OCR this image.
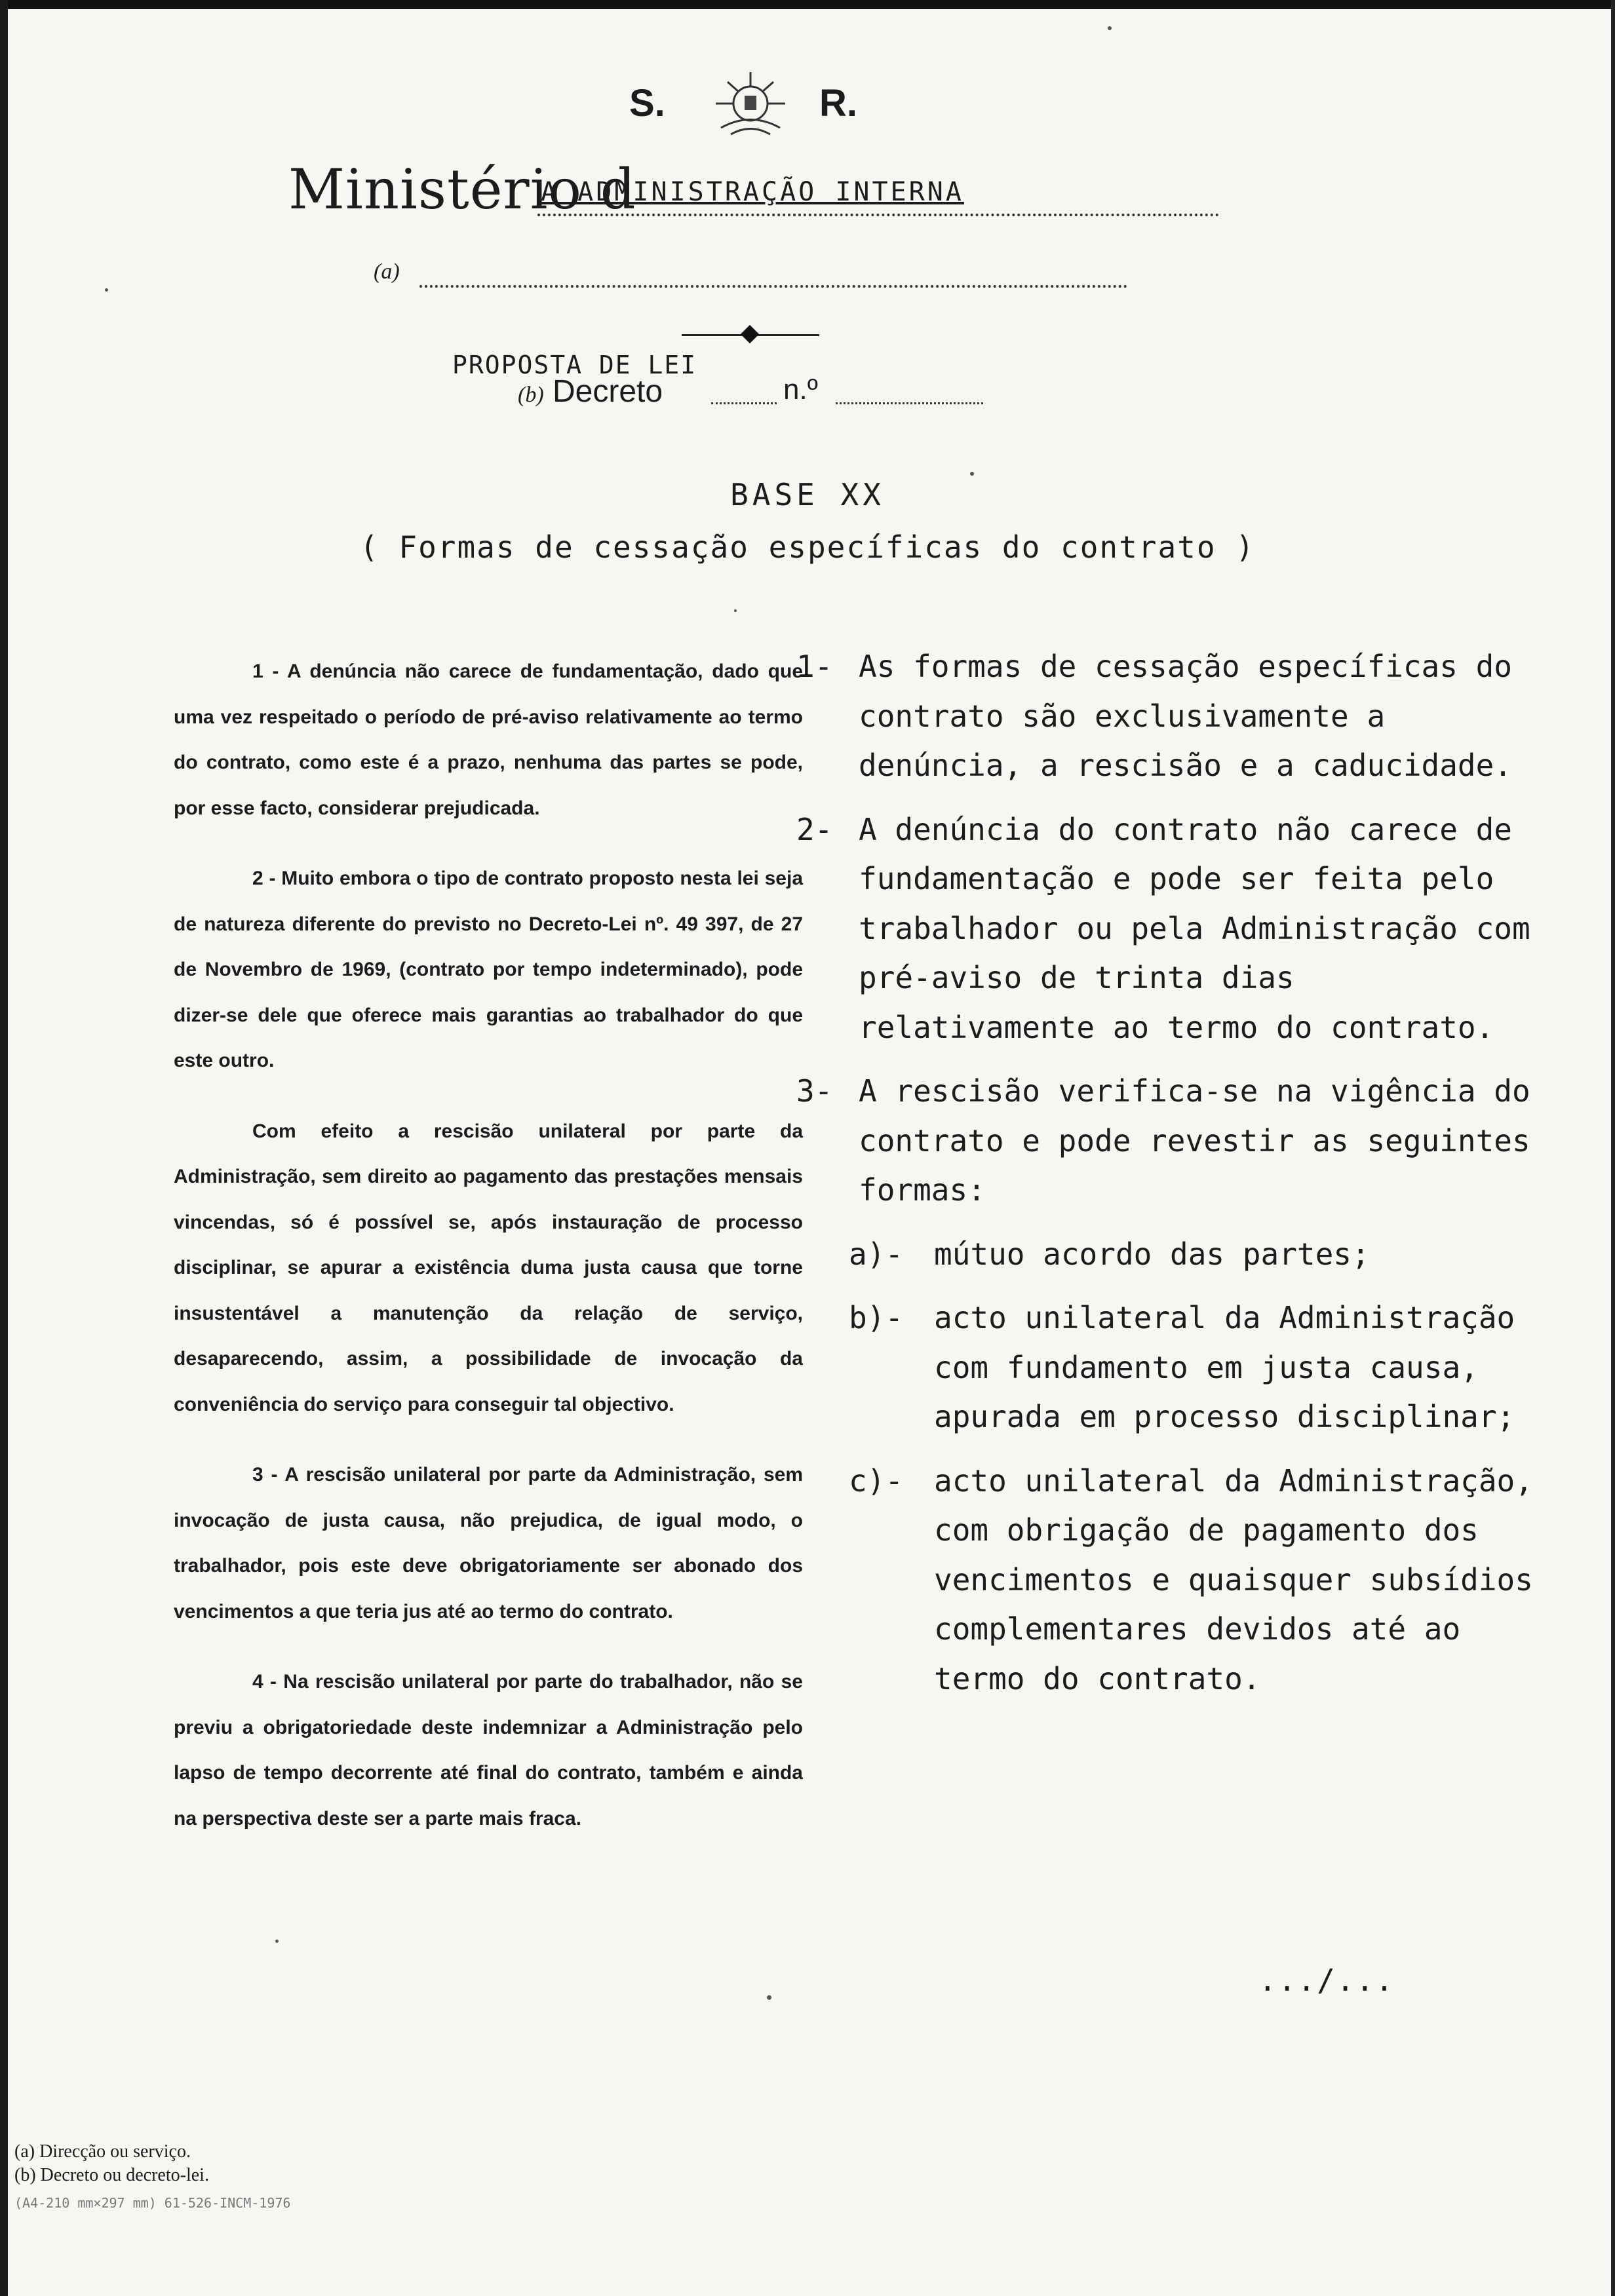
S.	R.
Ministério d
A ADMINISTRAÇÃO INTERNA
(a)
PROPOSTA DE LEI
(b) Decreto	n.º
BASE XX
( Formas de cessação específicas do contrato )

1 - A denúncia não carece de fundamentação, dado que uma vez respeitado o período de pré-aviso relativamente ao termo do contrato, como este é a prazo, nenhuma das partes se pode, por esse facto, considerar prejudicada.

2 - Muito embora o tipo de contrato proposto nesta lei seja de natureza diferente do previsto no Decreto-Lei nº. 49 397, de 27 de Novembro de 1969, (contrato por tempo indeterminado), pode dizer-se dele que oferece mais garantias ao trabalhador do que este outro.

Com efeito a rescisão unilateral por parte da Administração, sem direito ao pagamento das prestações mensais vincendas, só é possível se, após instauração de processo disciplinar, se apurar a existência duma justa causa que torne insustentável a manutenção da relação de serviço, desaparecendo, assim, a possibilidade de invocação da conveniência do serviço para conseguir tal objectivo.

3 - A rescisão unilateral por parte da Administração, sem invocação de justa causa, não prejudica, de igual modo, o trabalhador, pois este deve obrigatoriamente ser abonado dos vencimentos a que teria jus até ao termo do contrato.

4 - Na rescisão unilateral por parte do trabalhador, não se previu a obrigatoriedade deste indemnizar a Administração pelo lapso de tempo decorrente até final do contrato, também e ainda na perspectiva deste ser a parte mais fraca.

1- As formas de cessação específicas do contrato são exclusivamente a denúncia, a rescisão e a caducidade.
2- A denúncia do contrato não carece de fundamentação e pode ser feita pelo trabalhador ou pela Administração com pré-aviso de trinta dias relativamente ao termo do contrato.
3- A rescisão verifica-se na vigência do contrato e pode revestir as seguintes formas:
a)-	mútuo acordo das partes;
b)-	acto unilateral da Administração com fundamento em justa causa, apurada em processo disciplinar;
c)-	acto unilateral da Administração, com obrigação de pagamento dos vencimentos e quaisquer subsídios complementares devidos até ao termo do contrato.
.../...
(a) Direcção ou serviço.
(b) Decreto ou decreto-lei.
(A4-210 mm×297 mm) 61-526-INCM-1976
